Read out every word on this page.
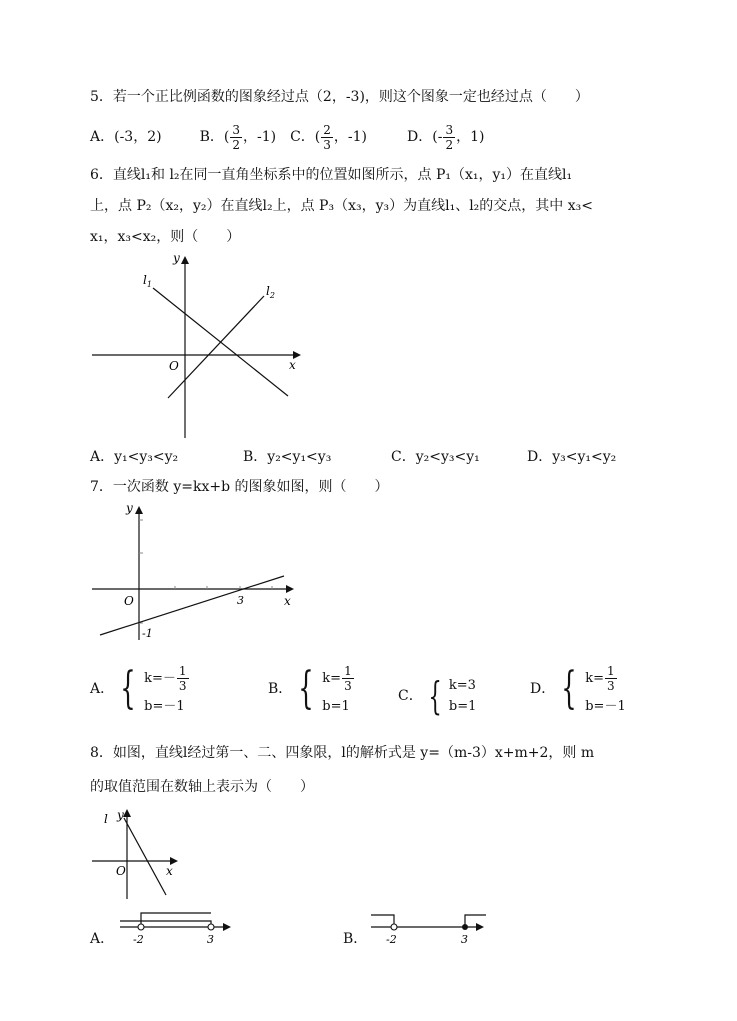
5．若一个正比例函数的图象经过点（2，-3)，则这个图象一定也经过点（　　）
A．(-3，2)	B．( $\frac{3}{2}$ ，-1) C．( $\frac{2}{3}$ ，-1)	D．(- $\frac{3}{2}$ ，1)
6．直线l₁和 l₂在同一直角坐标系中的位置如图所示，点 P₁（x₁，y₁）在直线l₁
上，点 P₂（x₂，y₂）在直线l₂上，点 P₃（x₃，y₃）为直线l₁、l₂的交点，其中 x₃<
x₁，x₃<x₂，则（　　）
y
x
O
$l_1$	$l_2$
A．y₁<y₃<y₂	B．y₂<y₁<y₃	C．y₂<y₃<y₁	D．y₃<y₁<y₂
7．一次函数 y=kx+b 的图象如图，则（　　）
y
x
O	3
-1
A． { $k=- \frac{1}{3}$
b=－1
B． { $k= \frac{1}{3}$
b=1
C． { k=3
b=1
D． { $k= \frac{1}{3}$
b=－1
8．如图，直线l经过第一、二、四象限，l的解析式是 y=（m-3）x+m+2，则 m
的取值范围在数轴上表示为（　　）
l y
x
O
A． -2	3	B． -2	3
